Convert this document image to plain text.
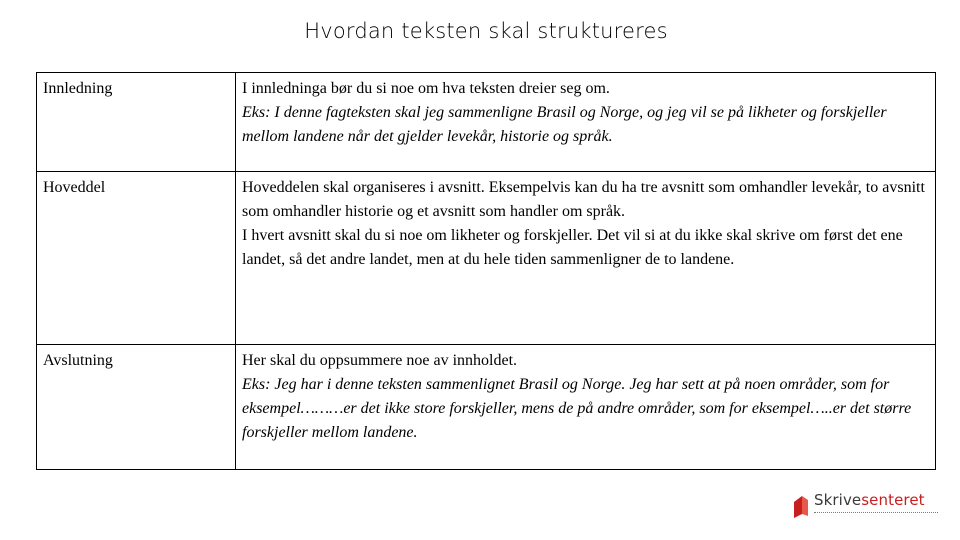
Hvordan teksten skal struktureres
Innledning	I innledninga bør du si noe om hva teksten dreier seg om.
Eks: I denne fagteksten skal jeg sammenligne Brasil og Norge, og jeg vil se på likheter og forskjeller mellom landene når det gjelder levekår, historie og språk.

Hoveddel	Hoveddelen skal organiseres i avsnitt. Eksempelvis kan du ha tre avsnitt som omhandler levekår, to avsnitt som omhandler historie og et avsnitt som handler om språk.
I hvert avsnitt skal du si noe om likheter og forskjeller. Det vil si at du ikke skal skrive om først det ene landet, så det andre landet, men at du hele tiden sammenligner de to landene.

Avslutning	Her skal du oppsummere noe av innholdet.
Eks: Jeg har i denne teksten sammenlignet Brasil og Norge. Jeg har sett at på noen områder, som for eksempel………er det ikke store forskjeller, mens de på andre områder, som for eksempel…..er det større forskjeller mellom landene.
Skrivesenteret
